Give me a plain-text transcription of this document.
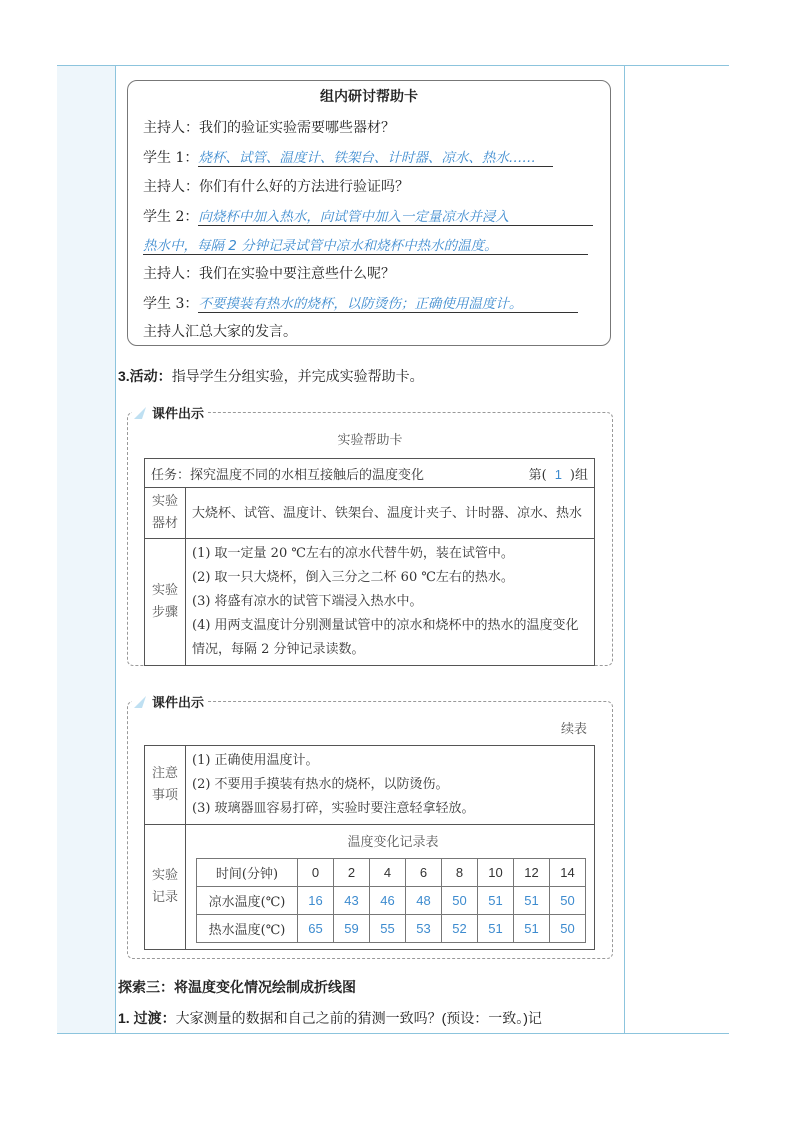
组内研讨帮助卡
主持人：我们的验证实验需要哪些器材？
学生 1：烧杯、试管、温度计、铁架台、计时器、凉水、热水……
主持人：你们有什么好的方法进行验证吗？
学生 2：向烧杯中加入热水，向试管中加入一定量凉水并浸入
热水中，每隔 2 分钟记录试管中凉水和烧杯中热水的温度。
主持人：我们在实验中要注意些什么呢？
学生 3：不要摸装有热水的烧杯，以防烫伤；正确使用温度计。
主持人汇总大家的发言。
3.活动：指导学生分组实验，并完成实验帮助卡。
课件出示
实验帮助卡
任务：探究温度不同的水相互接触后的温度变化 第( 1 )组	

实验器材	大烧杯、试管、温度计、铁架台、温度计夹子、计时器、凉水、热水
实验步骤	(1) 取一定量 20 ℃左右的凉水代替牛奶，装在试管中。
(2) 取一只大烧杯，倒入三分之二杯 60 ℃左右的热水。
(3) 将盛有凉水的试管下端浸入热水中。
(4) 用两支温度计分别测量试管中的凉水和烧杯中的热水的温度变化情况，每隔 2 分钟记录读数。
课件出示
续表
注意事项	
(1) 正确使用温度计。
(2) 不要用手摸装有热水的烧杯，以防烫伤。
(3) 玻璃器皿容易打碎，实验时要注意轻拿轻放。

实验记录	
温度变化记录表
时间(分钟)	0	2	4	6	8	10	12	14
凉水温度(℃)	16	43	46	48	50	51	51	50
热水温度(℃)	65	59	55	53	52	51	51	50
探索三：将温度变化情况绘制成折线图
1. 过渡：大家测量的数据和自己之前的猜测一致吗？(预设：一致。)记
